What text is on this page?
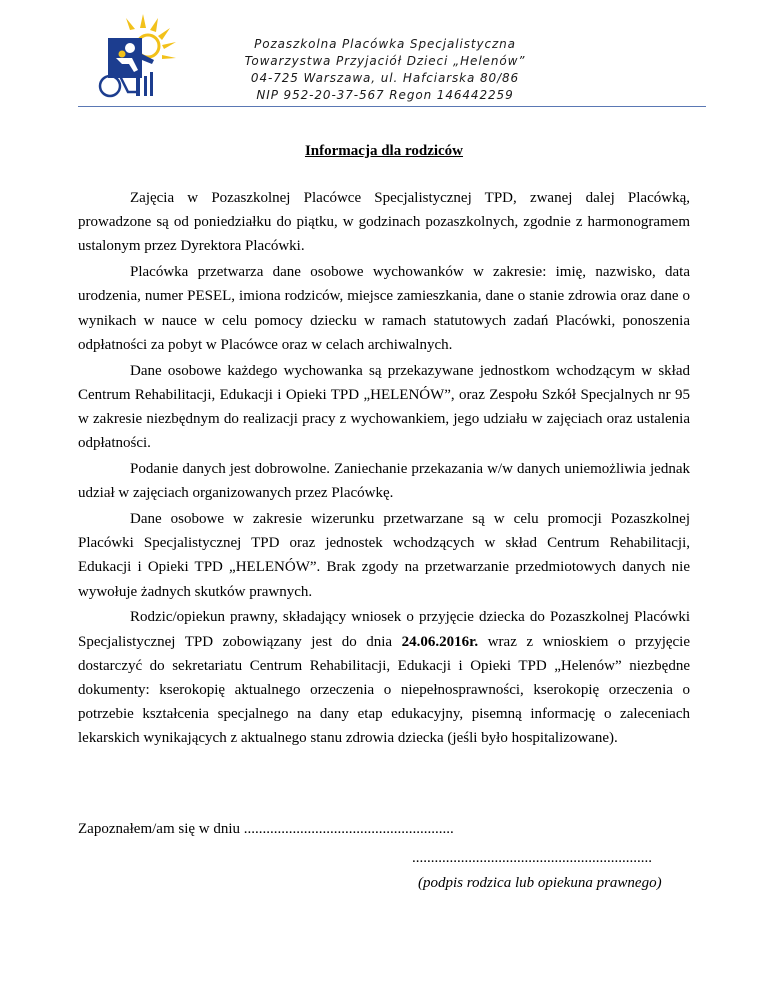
Pozaszkolna Placówka Specjalistyczna
Towarzystwa Przyjaciół Dzieci „Helenów”
04-725 Warszawa, ul. Hafciarska 80/86
NIP 952-20-37-567 Regon 146442259
Informacja dla rodziców

Zajęcia w Pozaszkolnej Placówce Specjalistycznej TPD, zwanej dalej Placówką, prowadzone są od poniedziałku do piątku, w godzinach pozaszkolnych, zgodnie z harmonogramem ustalonym przez Dyrektora Placówki.

Placówka przetwarza dane osobowe wychowanków w zakresie: imię, nazwisko, data urodzenia, numer PESEL, imiona rodziców, miejsce zamieszkania, dane o stanie zdrowia oraz dane o wynikach w nauce w celu pomocy dziecku w ramach statutowych zadań Placówki, ponoszenia odpłatności za pobyt w Placówce oraz w celach archiwalnych.

Dane osobowe każdego wychowanka są przekazywane jednostkom wchodzącym w skład Centrum Rehabilitacji, Edukacji i Opieki TPD „HELENÓW”, oraz Zespołu Szkół Specjalnych nr 95 w zakresie niezbędnym do realizacji pracy z wychowankiem, jego udziału w zajęciach oraz ustalenia odpłatności.

Podanie danych jest dobrowolne. Zaniechanie przekazania w/w danych uniemożliwia jednak udział w zajęciach organizowanych przez Placówkę.

Dane osobowe w zakresie wizerunku przetwarzane są w celu promocji Pozaszkolnej Placówki Specjalistycznej TPD oraz jednostek wchodzących w skład Centrum Rehabilitacji, Edukacji i Opieki TPD „HELENÓW”. Brak zgody na przetwarzanie przedmiotowych danych nie wywołuje żadnych skutków prawnych.

Rodzic/opiekun prawny, składający wniosek o przyjęcie dziecka do Pozaszkolnej Placówki Specjalistycznej TPD zobowiązany jest do dnia 24.06.2016r. wraz z wnioskiem o przyjęcie dostarczyć do sekretariatu Centrum Rehabilitacji, Edukacji i Opieki TPD „Helenów” niezbędne dokumenty: kserokopię aktualnego orzeczenia o niepełnosprawności, kserokopię orzeczenia o potrzebie kształcenia specjalnego na dany etap edukacyjny, pisemną informację o zaleceniach lekarskich wynikających z aktualnego stanu zdrowia dziecka (jeśli było hospitalizowane).

Zapoznałem/am się w dniu ........................................................
................................................................
(podpis rodzica lub opiekuna prawnego)
